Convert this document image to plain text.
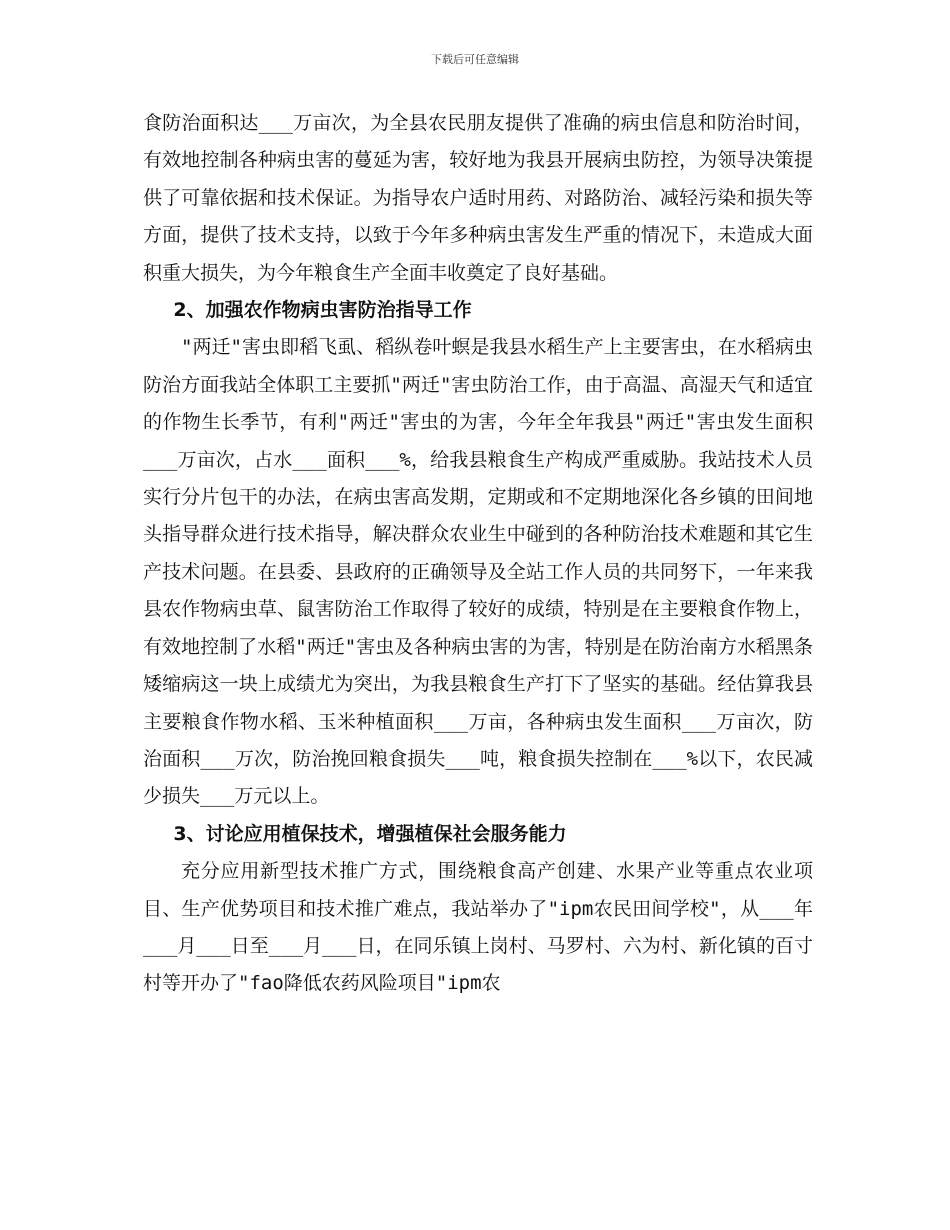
下载后可任意编辑

食防治面积达___万亩次，为全县农民朋友提供了准确的病虫信息和防治时间，有效地控制各种病虫害的蔓延为害，较好地为我县开展病虫防控，为领导决策提供了可靠依据和技术保证。为指导农户适时用药、对路防治、减轻污染和损失等方面，提供了技术支持，以致于今年多种病虫害发生严重的情况下，未造成大面积重大损失，为今年粮食生产全面丰收奠定了良好基础。

2、加强农作物病虫害防治指导工作

"两迁"害虫即稻飞虱、稻纵卷叶螟是我县水稻生产上主要害虫，在水稻病虫防治方面我站全体职工主要抓"两迁"害虫防治工作，由于高温、高湿天气和适宜的作物生长季节，有利"两迁"害虫的为害，今年全年我县"两迁"害虫发生面积___万亩次，占水___面积___%，给我县粮食生产构成严重威胁。我站技术人员实行分片包干的办法，在病虫害高发期，定期或和不定期地深化各乡镇的田间地头指导群众进行技术指导，解决群众农业生中碰到的各种防治技术难题和其它生产技术问题。在县委、县政府的正确领导及全站工作人员的共同努下，一年来我县农作物病虫草、鼠害防治工作取得了较好的成绩，特别是在主要粮食作物上，有效地控制了水稻"两迁"害虫及各种病虫害的为害，特别是在防治南方水稻黑条矮缩病这一块上成绩尤为突出，为我县粮食生产打下了坚实的基础。经估算我县主要粮食作物水稻、玉米种植面积___万亩，各种病虫发生面积___万亩次，防治面积___万次，防治挽回粮食损失___吨，粮食损失控制在___%以下，农民减少损失___万元以上。

3、讨论应用植保技术，增强植保社会服务能力

充分应用新型技术推广方式，围绕粮食高产创建、水果产业等重点农业项目、生产优势项目和技术推广难点，我站举办了"ipm农民田间学校"，从___年___月___日至___月___日，在同乐镇上岗村、马罗村、六为村、新化镇的百寸村等开办了"fao降低农药风险项目"ipm农
